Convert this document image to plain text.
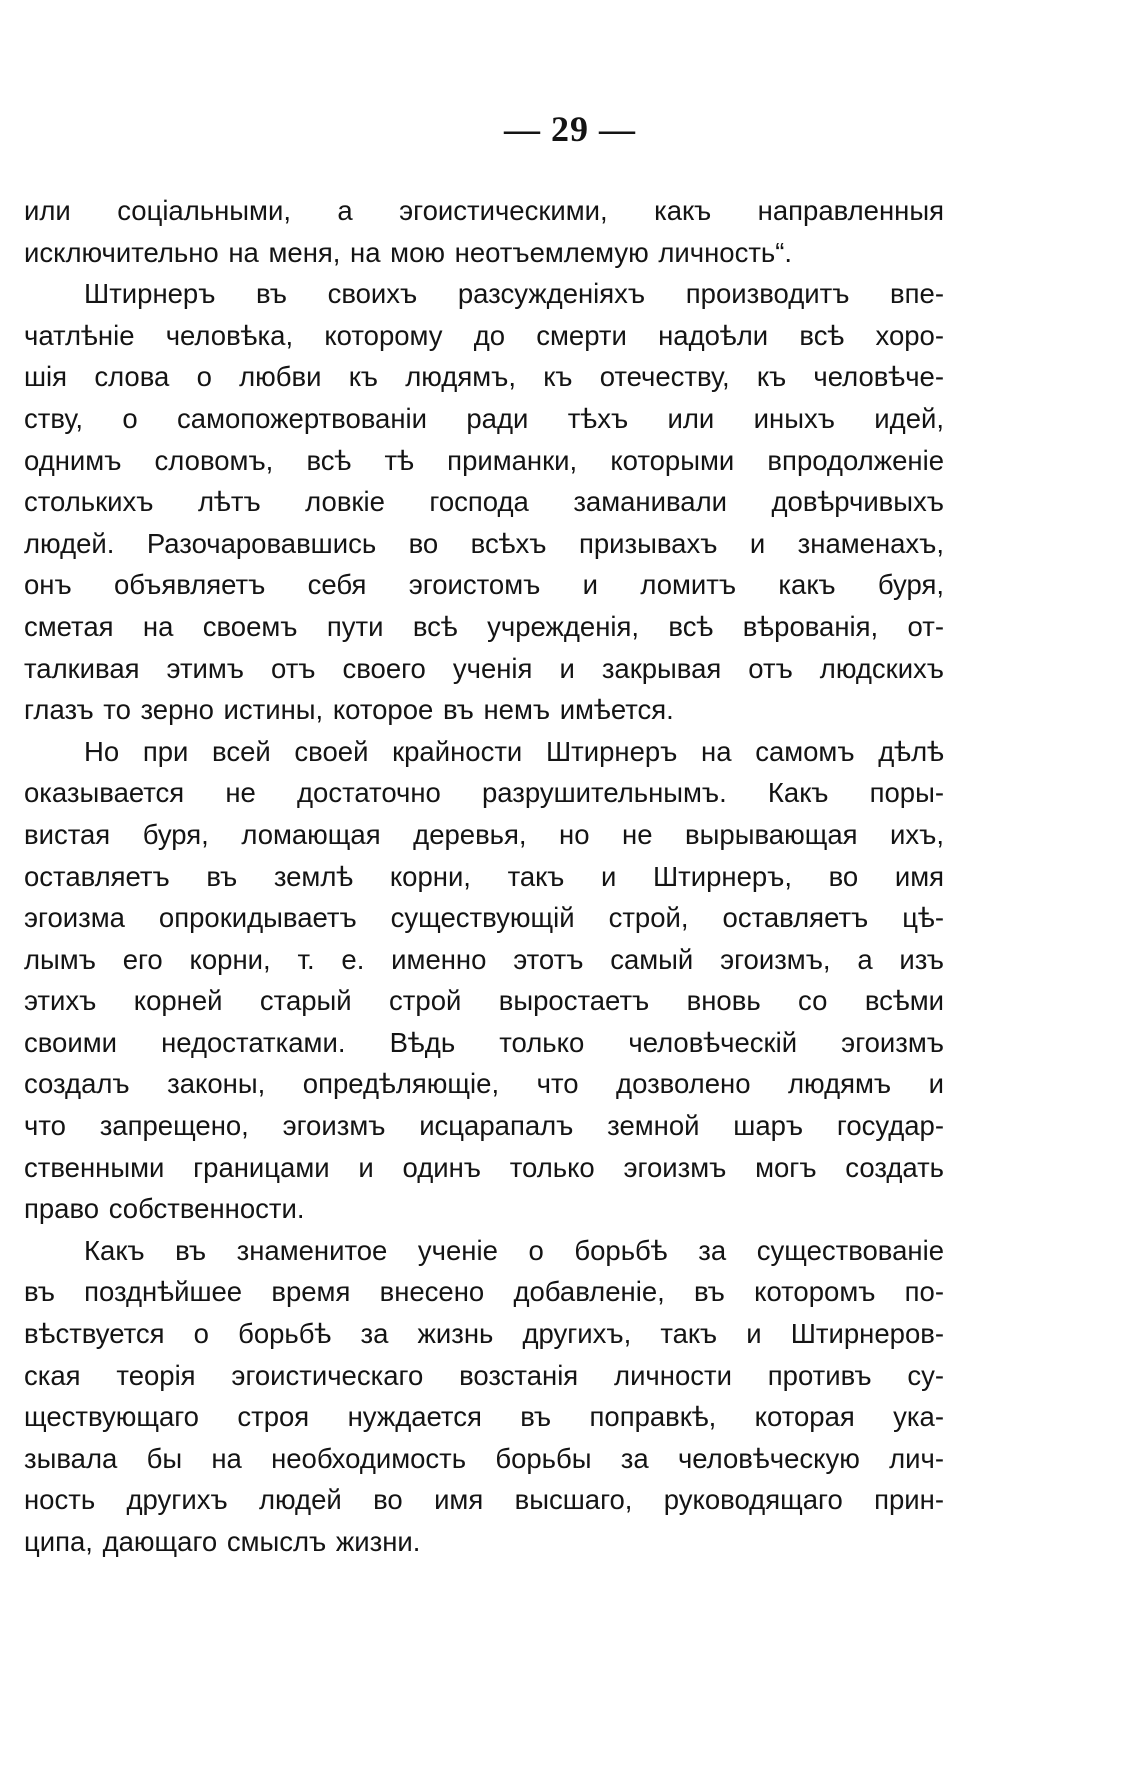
— 29 —
или соціальными, а эгоистическими, какъ направленныя
исключительно на меня, на мою неотъемлемую личность“.
Штирнеръ въ своихъ разсужденіяхъ производитъ впе-
чатлѣніе человѣка, которому до смерти надоѣли всѣ хоро-
шія слова о любви къ людямъ, къ отечеству, къ человѣче-
ству, о самопожертвованіи ради тѣхъ или иныхъ идей,
однимъ словомъ, всѣ тѣ приманки, которыми впродолженіе
столькихъ лѣтъ ловкіе господа заманивали довѣрчивыхъ
людей. Разочаровавшись во всѣхъ призывахъ и знаменахъ,
онъ объявляетъ себя эгоистомъ и ломитъ какъ буря,
сметая на своемъ пути всѣ учрежденія, всѣ вѣрованія, от-
талкивая этимъ отъ своего ученія и закрывая отъ людскихъ
глазъ то зерно истины, которое въ немъ имѣется.
Но при всей своей крайности Штирнеръ на самомъ дѣлѣ
оказывается не достаточно разрушительнымъ. Какъ поры-
вистая буря, ломающая деревья, но не вырывающая ихъ,
оставляетъ въ землѣ корни, такъ и Штирнеръ, во имя
эгоизма опрокидываетъ существующій строй, оставляетъ цѣ-
лымъ его корни, т. е. именно этотъ самый эгоизмъ, а изъ
этихъ корней старый строй выростаетъ вновь со всѣми
своими недостатками. Вѣдь только человѣческій эгоизмъ
создалъ законы, опредѣляющіе, что дозволено людямъ и
что запрещено, эгоизмъ исцарапалъ земной шаръ государ-
ственными границами и одинъ только эгоизмъ могъ создать
право собственности.
Какъ въ знаменитое ученіе о борьбѣ за существованіе
въ позднѣйшее время внесено добавленіе, въ которомъ по-
вѣствуется о борьбѣ за жизнь другихъ, такъ и Штирнеров-
ская теорія эгоистическаго возстанія личности противъ су-
ществующаго строя нуждается въ поправкѣ, которая ука-
зывала бы на необходимость борьбы за человѣческую лич-
ность другихъ людей во имя высшаго, руководящаго прин-
ципа, дающаго смыслъ жизни.
